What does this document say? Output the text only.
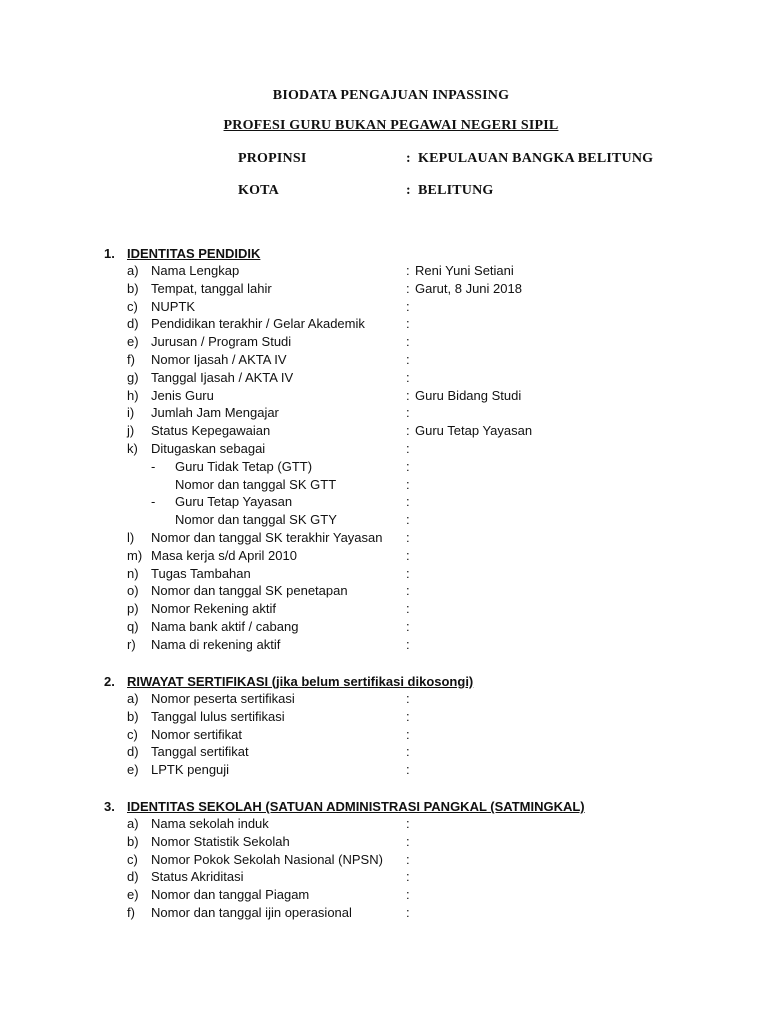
BIODATA PENGAJUAN INPASSING
PROFESI GURU BUKAN PEGAWAI NEGERI SIPIL
PROPINSI	: KEPULAUAN BANGKA BELITUNG
KOTA	: BELITUNG
1. IDENTITAS PENDIDIK
a) Nama Lengkap	: Reni Yuni Setiani
b) Tempat, tanggal lahir	: Garut, 8 Juni 2018
c) NUPTK	:
d) Pendidikan terakhir / Gelar Akademik	:
e) Jurusan / Program Studi	:
f) Nomor Ijasah / AKTA IV	:
g) Tanggal Ijasah / AKTA IV	:
h) Jenis Guru	: Guru Bidang Studi
i) Jumlah Jam Mengajar	:
j) Status Kepegawaian	: Guru Tetap Yayasan
k) Ditugaskan sebagai	:
- Guru Tidak Tetap (GTT)	:
Nomor dan tanggal SK GTT	:
- Guru Tetap Yayasan	:
Nomor dan tanggal SK GTY	:
l) Nomor dan tanggal SK terakhir Yayasan :
m) Masa kerja s/d April 2010	:
n) Tugas Tambahan	:
o) Nomor dan tanggal SK penetapan	:
p) Nomor Rekening aktif	:
q) Nama bank aktif / cabang	:
r) Nama di rekening aktif	:
2. RIWAYAT SERTIFIKASI (jika belum sertifikasi dikosongi)
a) Nomor peserta sertifikasi	:
b) Tanggal lulus sertifikasi	:
c) Nomor sertifikat	:
d) Tanggal sertifikat	:
e) LPTK penguji	:
3. IDENTITAS SEKOLAH (SATUAN ADMINISTRASI PANGKAL (SATMINGKAL)
a) Nama sekolah induk	:
b) Nomor Statistik Sekolah	:
c) Nomor Pokok Sekolah Nasional (NPSN) :
d) Status Akriditasi	:
e) Nomor dan tanggal Piagam	:
f) Nomor dan tanggal ijin operasional	:
